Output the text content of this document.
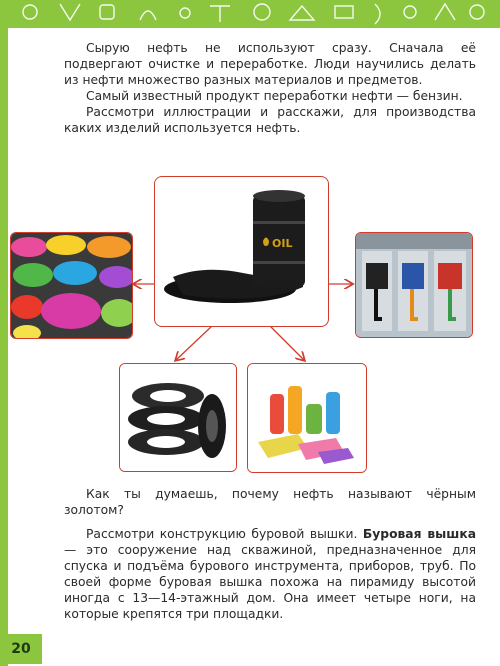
Сырую нефть не используют сразу. Сначала её подвергают очистке и переработке. Люди научились делать из нефти множество разных материалов и предметов.

Самый известный продукт переработки нефти — бензин.

Рассмотри иллюстрации и расскажи, для производства каких изделий используется нефть.

OIL

Как ты думаешь, почему нефть называют чёрным золотом?

Рассмотри конструкцию буровой вышки. Буровая вышка — это сооружение над скважиной, предназначенное для спуска и подъёма бурового инструмента, приборов, труб. По своей форме буровая вышка похожа на пирамиду высотой иногда с 13—14-этажный дом. Она имеет четыре ноги, на которые крепятся три площадки.

20
